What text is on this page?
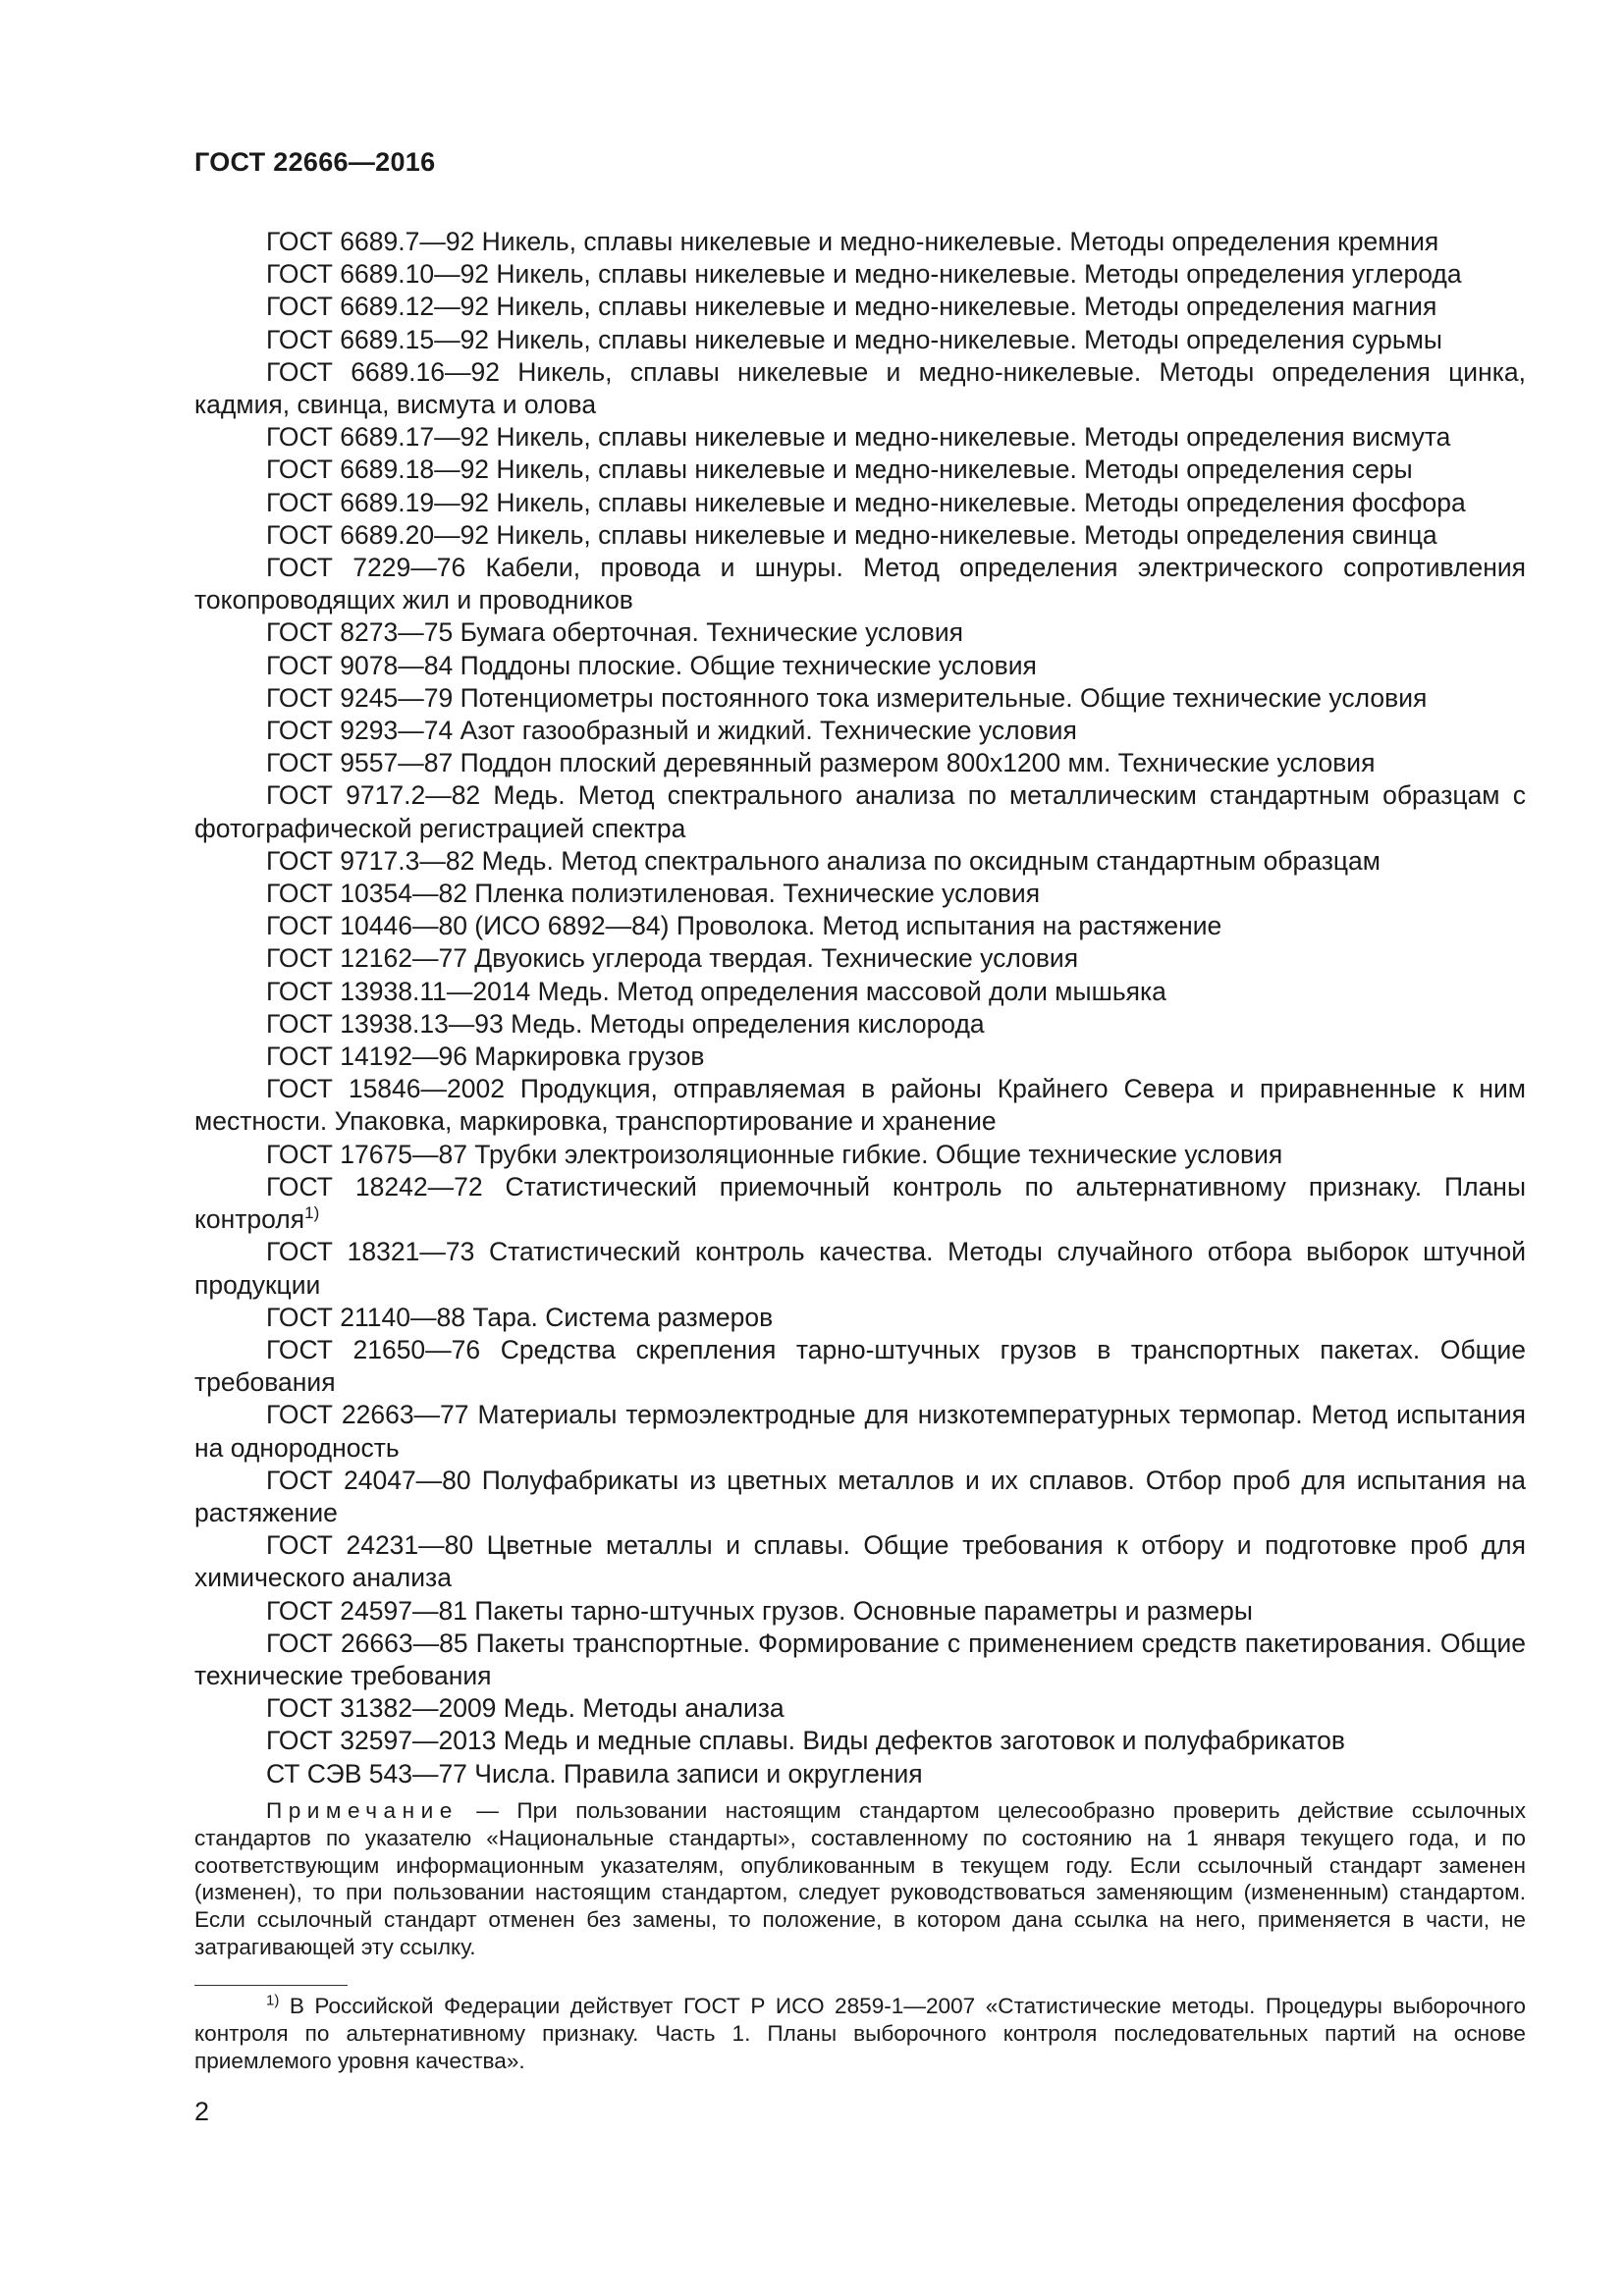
ГОСТ 22666—2016

ГОСТ 6689.7—92 Никель, сплавы никелевые и медно-никелевые. Методы определения кремния

ГОСТ 6689.10—92 Никель, сплавы никелевые и медно-никелевые. Методы определения углерода

ГОСТ 6689.12—92 Никель, сплавы никелевые и медно-никелевые. Методы определения магния

ГОСТ 6689.15—92 Никель, сплавы никелевые и медно-никелевые. Методы определения сурьмы

ГОСТ 6689.16—92 Никель, сплавы никелевые и медно-никелевые. Методы определения цинка, кадмия, свинца, висмута и олова

ГОСТ 6689.17—92 Никель, сплавы никелевые и медно-никелевые. Методы определения висмута

ГОСТ 6689.18—92 Никель, сплавы никелевые и медно-никелевые. Методы определения серы

ГОСТ 6689.19—92 Никель, сплавы никелевые и медно-никелевые. Методы определения фосфора

ГОСТ 6689.20—92 Никель, сплавы никелевые и медно-никелевые. Методы определения свинца

ГОСТ 7229—76 Кабели, провода и шнуры. Метод определения электрического сопротивления токопроводящих жил и проводников

ГОСТ 8273—75 Бумага оберточная. Технические условия

ГОСТ 9078—84 Поддоны плоские. Общие технические условия

ГОСТ 9245—79 Потенциометры постоянного тока измерительные. Общие технические условия

ГОСТ 9293—74 Азот газообразный и жидкий. Технические условия

ГОСТ 9557—87 Поддон плоский деревянный размером 800x1200 мм. Технические условия

ГОСТ 9717.2—82 Медь. Метод спектрального анализа по металлическим стандартным образцам с фотографической регистрацией спектра

ГОСТ 9717.3—82 Медь. Метод спектрального анализа по оксидным стандартным образцам

ГОСТ 10354—82 Пленка полиэтиленовая. Технические условия

ГОСТ 10446—80 (ИСО 6892—84) Проволока. Метод испытания на растяжение

ГОСТ 12162—77 Двуокись углерода твердая. Технические условия

ГОСТ 13938.11—2014 Медь. Метод определения массовой доли мышьяка

ГОСТ 13938.13—93 Медь. Методы определения кислорода

ГОСТ 14192—96 Маркировка грузов

ГОСТ 15846—2002 Продукция, отправляемая в районы Крайнего Севера и приравненные к ним местности. Упаковка, маркировка, транспортирование и хранение

ГОСТ 17675—87 Трубки электроизоляционные гибкие. Общие технические условия

ГОСТ 18242—72 Статистический приемочный контроль по альтернативному признаку. Планы контроля$^{1)}$

ГОСТ 18321—73 Статистический контроль качества. Методы случайного отбора выборок штучной продукции

ГОСТ 21140—88 Тара. Система размеров

ГОСТ 21650—76 Средства скрепления тарно-штучных грузов в транспортных пакетах. Общие требования

ГОСТ 22663—77 Материалы термоэлектродные для низкотемпературных термопар. Метод испытания на однородность

ГОСТ 24047—80 Полуфабрикаты из цветных металлов и их сплавов. Отбор проб для испытания на растяжение

ГОСТ 24231—80 Цветные металлы и сплавы. Общие требования к отбору и подготовке проб для химического анализа

ГОСТ 24597—81 Пакеты тарно-штучных грузов. Основные параметры и размеры

ГОСТ 26663—85 Пакеты транспортные. Формирование с применением средств пакетирования. Общие технические требования

ГОСТ 31382—2009 Медь. Методы анализа

ГОСТ 32597—2013 Медь и медные сплавы. Виды дефектов заготовок и полуфабрикатов

СТ СЭВ 543—77 Числа. Правила записи и округления

Примечание — При пользовании настоящим стандартом целесообразно проверить действие ссылочных стандартов по указателю «Национальные стандарты», составленному по состоянию на 1 января текущего года, и по соответствующим информационным указателям, опубликованным в текущем году. Если ссылочный стандарт заменен (изменен), то при пользовании настоящим стандартом, следует руководствоваться заменяющим (измененным) стандартом. Если ссылочный стандарт отменен без замены, то положение, в котором дана ссылка на него, применяется в части, не затрагивающей эту ссылку.

$^{1)}$ В Российской Федерации действует ГОСТ Р ИСО 2859-1—2007 «Статистические методы. Процедуры выборочного контроля по альтернативному признаку. Часть 1. Планы выборочного контроля последовательных партий на основе приемлемого уровня качества».

2
